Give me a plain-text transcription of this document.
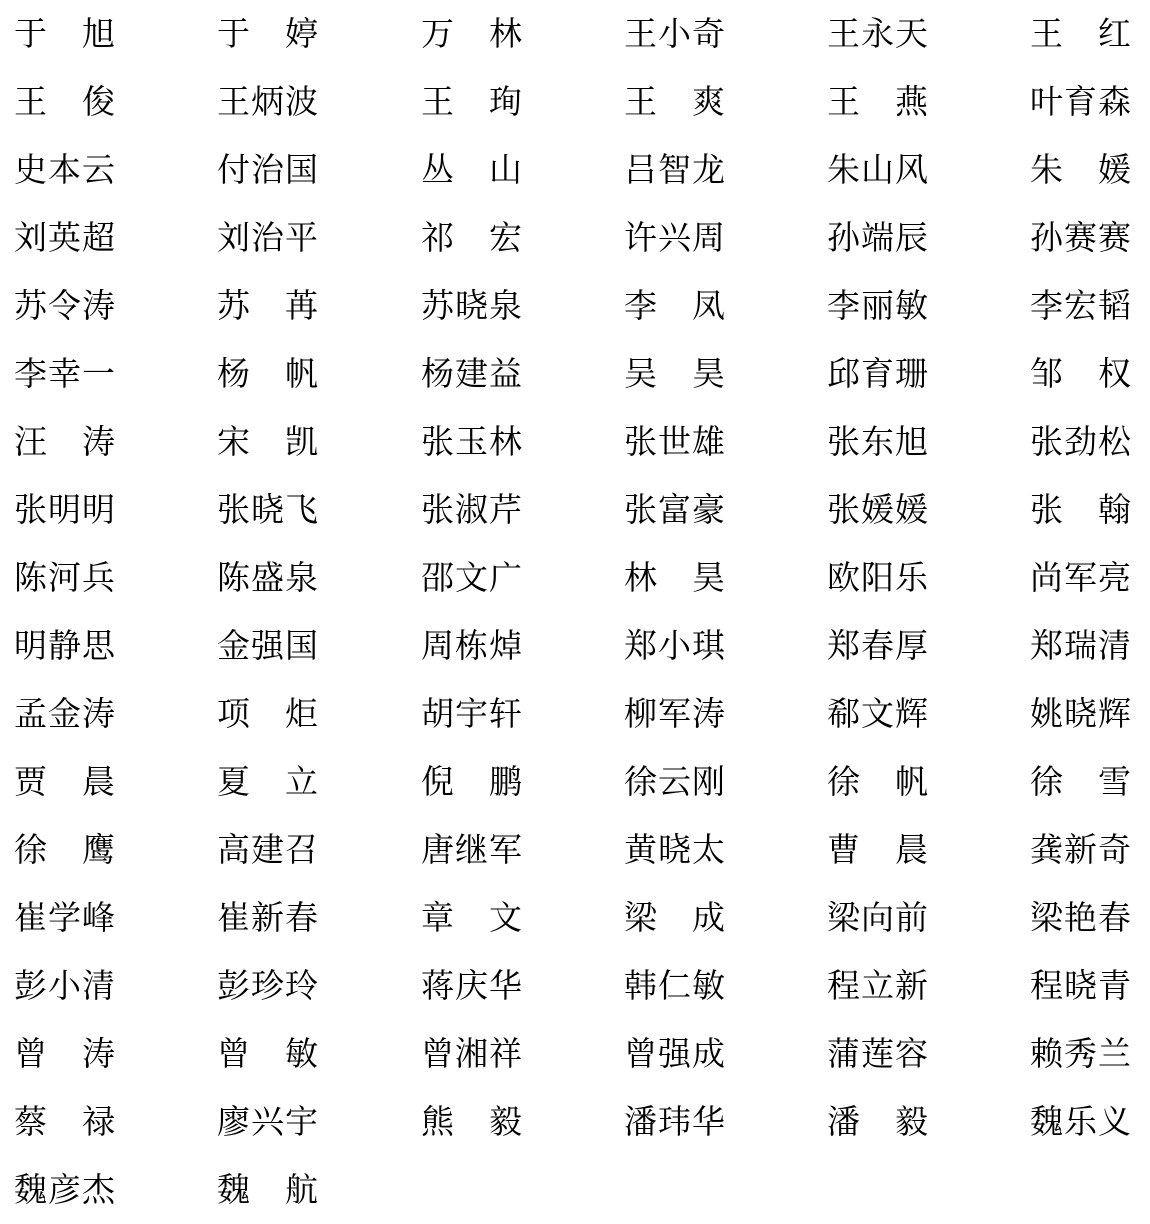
于 旭	于 婷	万 林	王 小 奇	王 永 天	王 红
王 俊	王 炳 波	王 珣	王 爽	王 燕	叶 育 森
史 本 云	付 治 国	丛 山	吕 智 龙	朱 山 风	朱 媛
刘 英 超	刘 治 平	祁 宏	许 兴 周	孙 端 辰	孙 赛 赛
苏 令 涛	苏 苒	苏 晓 泉	李 凤	李 丽 敏	李 宏 韬
李 幸 一	杨 帆	杨 建 益	吴 昊	邱 育 珊	邹 权
汪 涛	宋 凯	张 玉 林	张 世 雄	张 东 旭	张 劲 松
张 明 明	张 晓 飞	张 淑 芹	张 富 豪	张 媛 媛	张 翰
陈 河 兵	陈 盛 泉	邵 文 广	林 昊	欧 阳 乐	尚 军 亮
明 静 思	金 强 国	周 栋 焯	郑 小 琪	郑 春 厚	郑 瑞 清
孟 金 涛	项 炬	胡 宇 轩	柳 军 涛	郗 文 辉	姚 晓 辉
贾 晨	夏 立	倪 鹏	徐 云 刚	徐 帆	徐 雪
徐 鹰	高 建 召	唐 继 军	黄 晓 太	曹 晨	龚 新 奇
崔 学 峰	崔 新 春	章 文	梁 成	梁 向 前	梁 艳 春
彭 小 清	彭 珍 玲	蒋 庆 华	韩 仁 敏	程 立 新	程 晓 青
曾 涛	曾 敏	曾 湘 祥	曾 强 成	蒲 莲 容	赖 秀 兰
蔡 禄	廖 兴 宇	熊 毅	潘 玮 华	潘 毅	魏 乐 义
魏 彦 杰	魏 航
